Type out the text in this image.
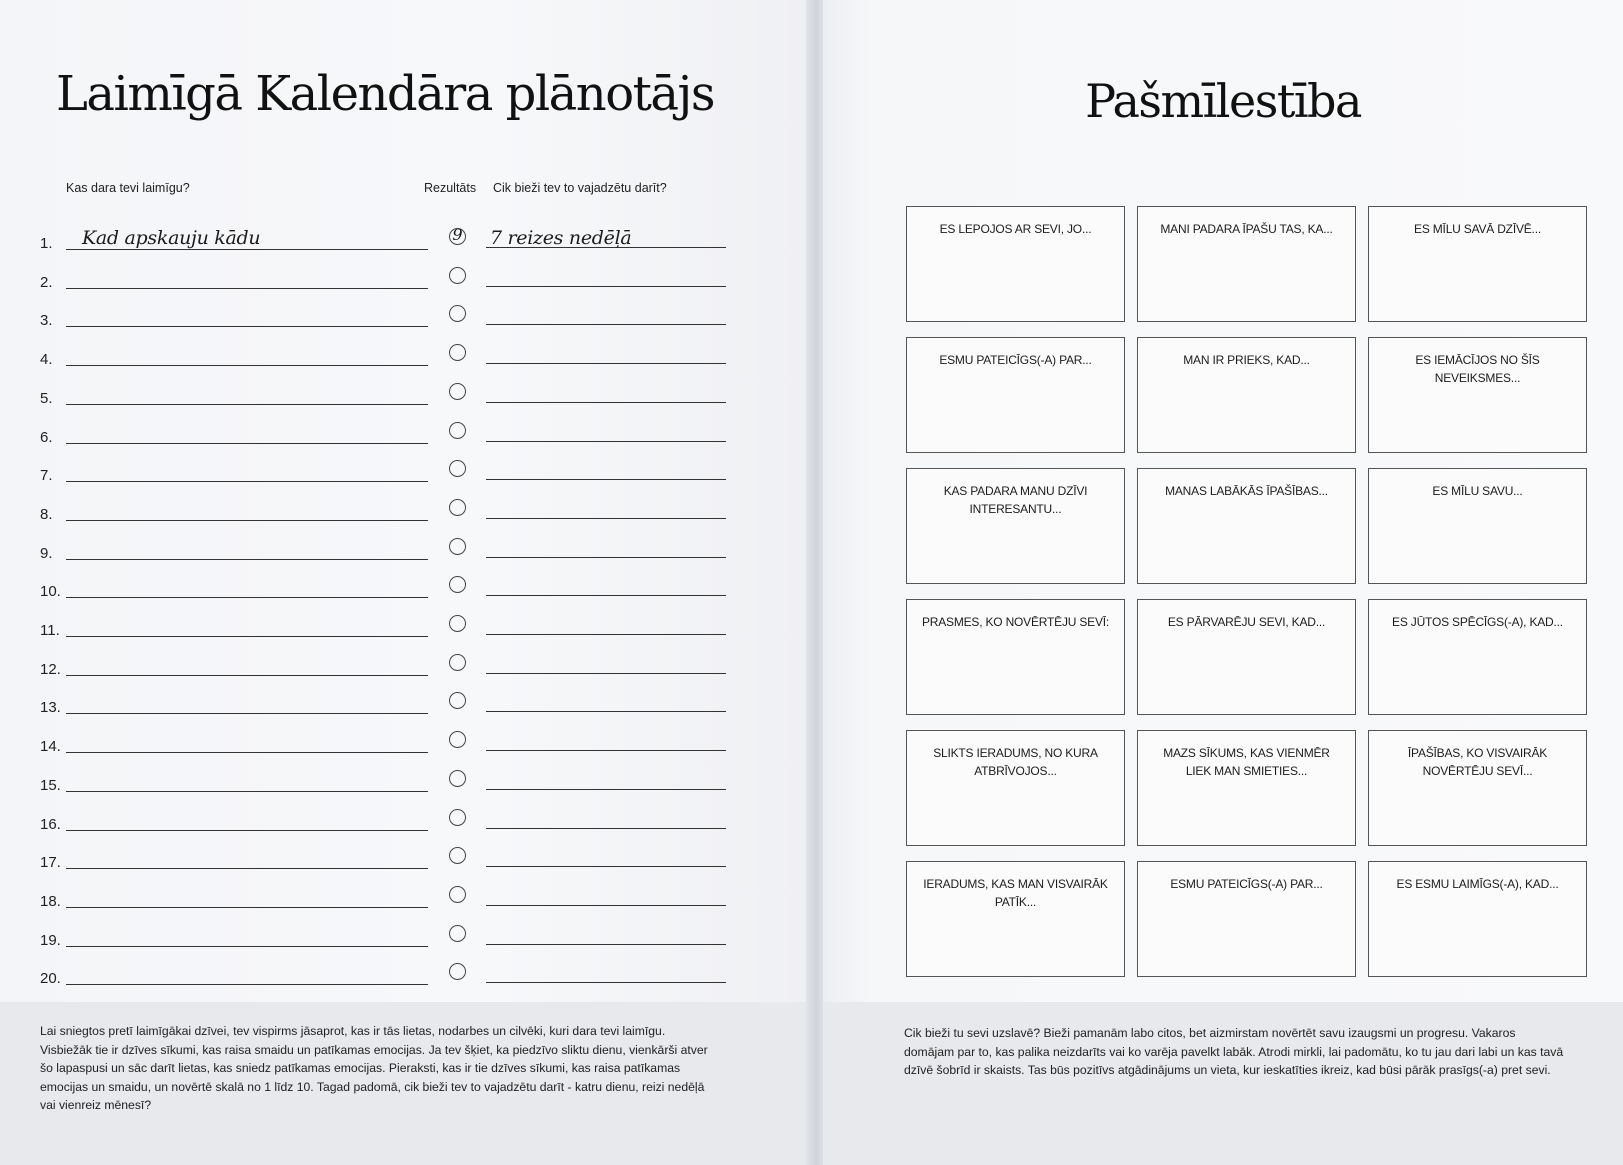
Laimīgā Kalendāra plānotājs

Kas dara tevi laimīgu?	Rezultāts Cik bieži tev to vajadzētu darīt?

1. Kad apskauju kādu	9 7 reizes nedēļā
2.
3.
4.
5.
6.
7.
8.
9.
10.
11.
12.
13.
14.
15.
16.
17.
18.
19.
20.

Lai sniegtos pretī laimīgākai dzīvei, tev vispirms jāsaprot, kas ir tās lietas, nodarbes un cilvēki, kuri dara tevi laimīgu. Visbiežāk tie ir dzīves sīkumi, kas raisa smaidu un patīkamas emocijas. Ja tev šķiet, ka piedzīvo sliktu dienu, vienkārši atver šo lapaspusi un sāc darīt lietas, kas sniedz patīkamas emocijas. Pieraksti, kas ir tie dzīves sīkumi, kas raisa patīkamas emocijas un smaidu, un novērtē skalā no 1 līdz 10. Tagad padomā, cik bieži tev to vajadzētu darīt - katru dienu, reizi nedēļā vai vienreiz mēnesī?

Pašmīlestība
ES LEPOJOS AR SEVI, JO...	MANI PADARA ĪPAŠU TAS, KA...	ES MĪLU SAVĀ DZĪVĒ...
ESMU PATEICĪGS(-A) PAR...	MAN IR PRIEKS, KAD...	ES IEMĀCĪJOS NO ŠĪS NEVEIKSMES...
KAS PADARA MANU DZĪVI INTERESANTU...
MANAS LABĀKĀS ĪPAŠĪBAS...	ES MĪLU SAVU...
PRASMES, KO NOVĒRTĒJU SEVĪ:	ES PĀRVARĒJU SEVI, KAD...	ES JŪTOS SPĒCĪGS(-A), KAD...
SLIKTS IERADUMS, NO KURA ATBRĪVOJOS...
MAZS SĪKUMS, KAS VIENMĒR LIEK MAN SMIETIES...
ĪPAŠĪBAS, KO VISVAIRĀK NOVĒRTĒJU SEVĪ...
IERADUMS, KAS MAN VISVAIRĀK PATĪK...
ESMU PATEICĪGS(-A) PAR...	ES ESMU LAIMĪGS(-A), KAD...

Cik bieži tu sevi uzslavē? Bieži pamanām labo citos, bet aizmirstam novērtēt savu izaugsmi un progresu. Vakaros domājam par to, kas palika neizdarīts vai ko varēja pavelkt labāk. Atrodi mirkli, lai padomātu, ko tu jau dari labi un kas tavā dzīvē šobrīd ir skaists. Tas būs pozitīvs atgādinājums un vieta, kur ieskatīties ikreiz, kad būsi pārāk prasīgs(-a) pret sevi.
